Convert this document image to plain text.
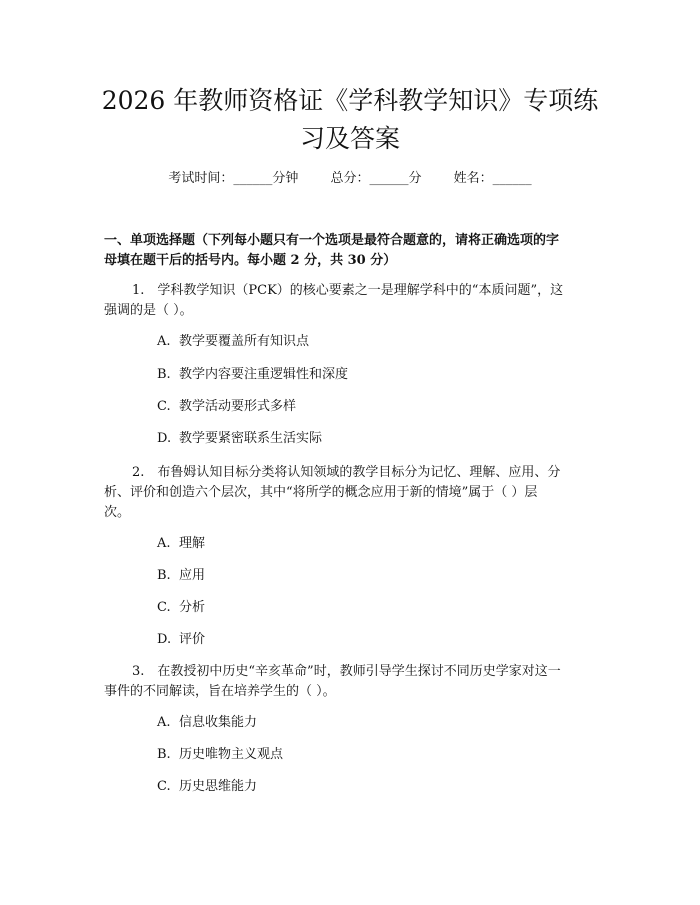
2026 年教师资格证《学科教学知识》专项练
习及答案
考试时间：______分钟 总分：______分 姓名：______
一、单项选择题（下列每小题只有一个选项是最符合题意的，请将正确选项的字
母填在题干后的括号内。每小题 2 分，共 30 分）
1.　学科教学知识（PCK）的核心要素之一是理解学科中的“本质问题”，这
强调的是（ ）。
A. 教学要覆盖所有知识点
B. 教学内容要注重逻辑性和深度
C. 教学活动要形式多样
D. 教学要紧密联系生活实际
2.　布鲁姆认知目标分类将认知领域的教学目标分为记忆、理解、应用、分
析、评价和创造六个层次，其中“将所学的概念应用于新的情境”属于（ ）层
次。
A. 理解
B. 应用
C. 分析
D. 评价
3.　在教授初中历史“辛亥革命”时，教师引导学生探讨不同历史学家对这一
事件的不同解读，旨在培养学生的（ ）。
A. 信息收集能力
B. 历史唯物主义观点
C. 历史思维能力
